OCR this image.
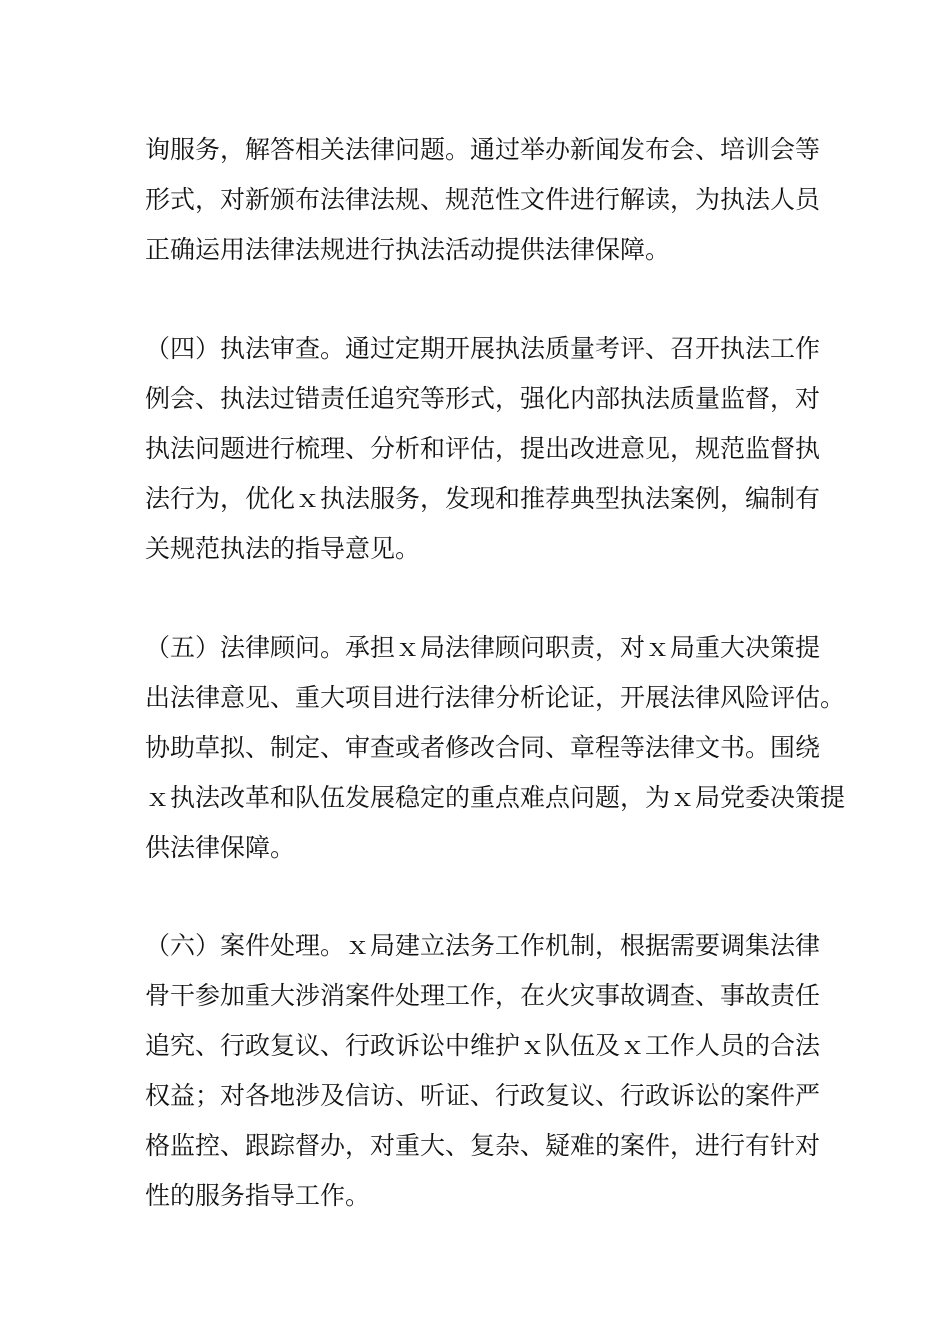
询服务，解答相关法律问题。通过举办新闻发布会、培训会等
形式，对新颁布法律法规、规范性文件进行解读，为执法人员
正确运用法律法规进行执法活动提供法律保障。

（四）执法审查。通过定期开展执法质量考评、召开执法工作
例会、执法过错责任追究等形式，强化内部执法质量监督，对
执法问题进行梳理、分析和评估，提出改进意见，规范监督执
法行为，优化ｘ执法服务，发现和推荐典型执法案例，编制有
关规范执法的指导意见。

（五）法律顾问。承担ｘ局法律顾问职责，对ｘ局重大决策提
出法律意见、重大项目进行法律分析论证，开展法律风险评估。
协助草拟、制定、审查或者修改合同、章程等法律文书。围绕
ｘ执法改革和队伍发展稳定的重点难点问题，为ｘ局党委决策提
供法律保障。

（六）案件处理。ｘ局建立法务工作机制，根据需要调集法律
骨干参加重大涉消案件处理工作，在火灾事故调查、事故责任
追究、行政复议、行政诉讼中维护ｘ队伍及ｘ工作人员的合法
权益；对各地涉及信访、听证、行政复议、行政诉讼的案件严
格监控、跟踪督办，对重大、复杂、疑难的案件，进行有针对
性的服务指导工作。
